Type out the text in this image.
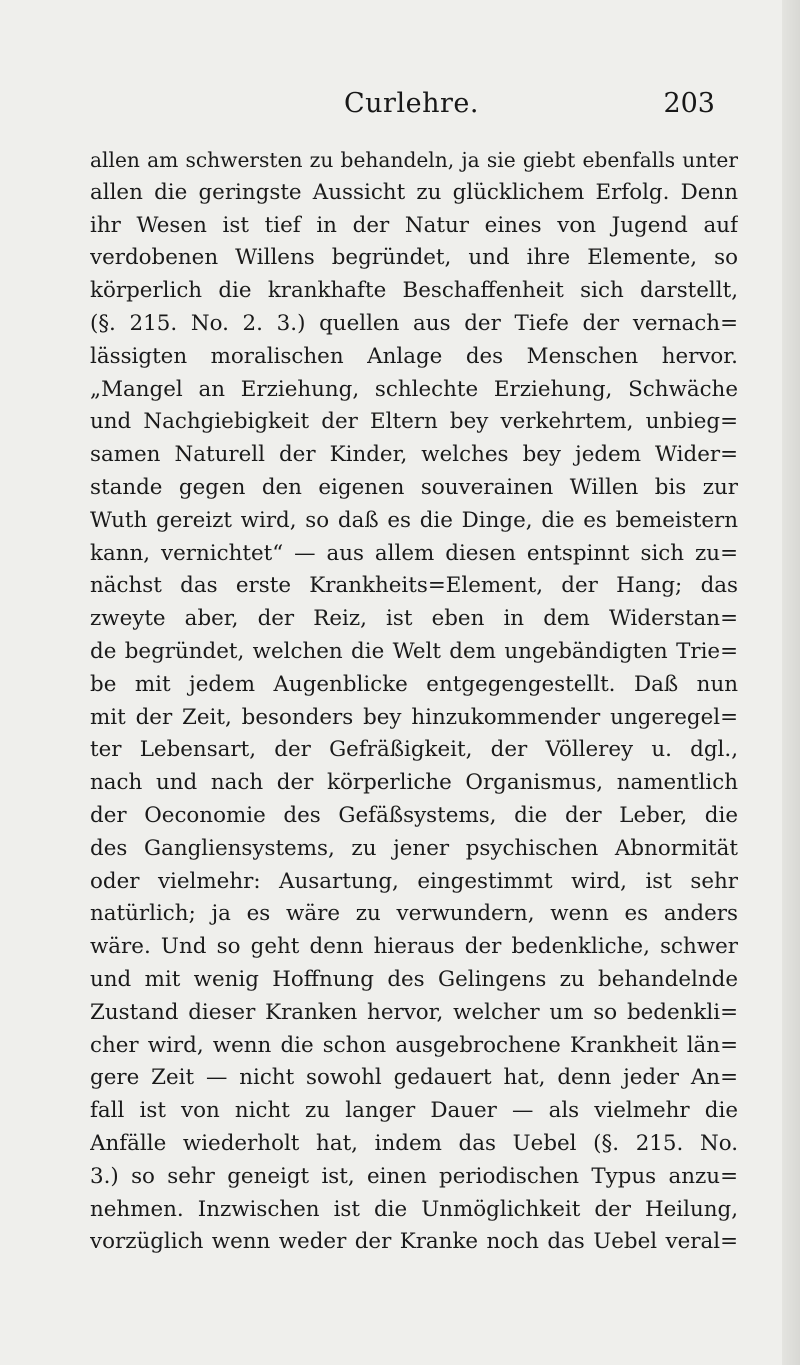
Curlehre.	203
allen am schwersten zu behandeln, ja sie giebt ebenfalls unter
allen die geringste Aussicht zu glücklichem Erfolg. Denn
ihr Wesen ist tief in der Natur eines von Jugend auf
verdobenen Willens begründet, und ihre Elemente, so
körperlich die krankhafte Beschaffenheit sich darstellt,
(§. 215. No. 2. 3.) quellen aus der Tiefe der vernach=
lässigten moralischen Anlage des Menschen hervor.
„Mangel an Erziehung, schlechte Erziehung, Schwäche
und Nachgiebigkeit der Eltern bey verkehrtem, unbieg=
samen Naturell der Kinder, welches bey jedem Wider=
stande gegen den eigenen souverainen Willen bis zur
Wuth gereizt wird, so daß es die Dinge, die es bemeistern
kann, vernichtet“ — aus allem diesen entspinnt sich zu=
nächst das erste Krankheits=Element, der Hang; das
zweyte aber, der Reiz, ist eben in dem Widerstan=
de begründet, welchen die Welt dem ungebändigten Trie=
be mit jedem Augenblicke entgegengestellt. Daß nun
mit der Zeit, besonders bey hinzukommender ungeregel=
ter Lebensart, der Gefräßigkeit, der Völlerey u. dgl.,
nach und nach der körperliche Organismus, namentlich
der Oeconomie des Gefäßsystems, die der Leber, die
des Gangliensystems, zu jener psychischen Abnormität
oder vielmehr: Ausartung, eingestimmt wird, ist sehr
natürlich; ja es wäre zu verwundern, wenn es anders
wäre. Und so geht denn hieraus der bedenkliche, schwer
und mit wenig Hoffnung des Gelingens zu behandelnde
Zustand dieser Kranken hervor, welcher um so bedenkli=
cher wird, wenn die schon ausgebrochene Krankheit län=
gere Zeit — nicht sowohl gedauert hat, denn jeder An=
fall ist von nicht zu langer Dauer — als vielmehr die
Anfälle wiederholt hat, indem das Uebel (§. 215. No.
3.) so sehr geneigt ist, einen periodischen Typus anzu=
nehmen. Inzwischen ist die Unmöglichkeit der Heilung,
vorzüglich wenn weder der Kranke noch das Uebel veral=
